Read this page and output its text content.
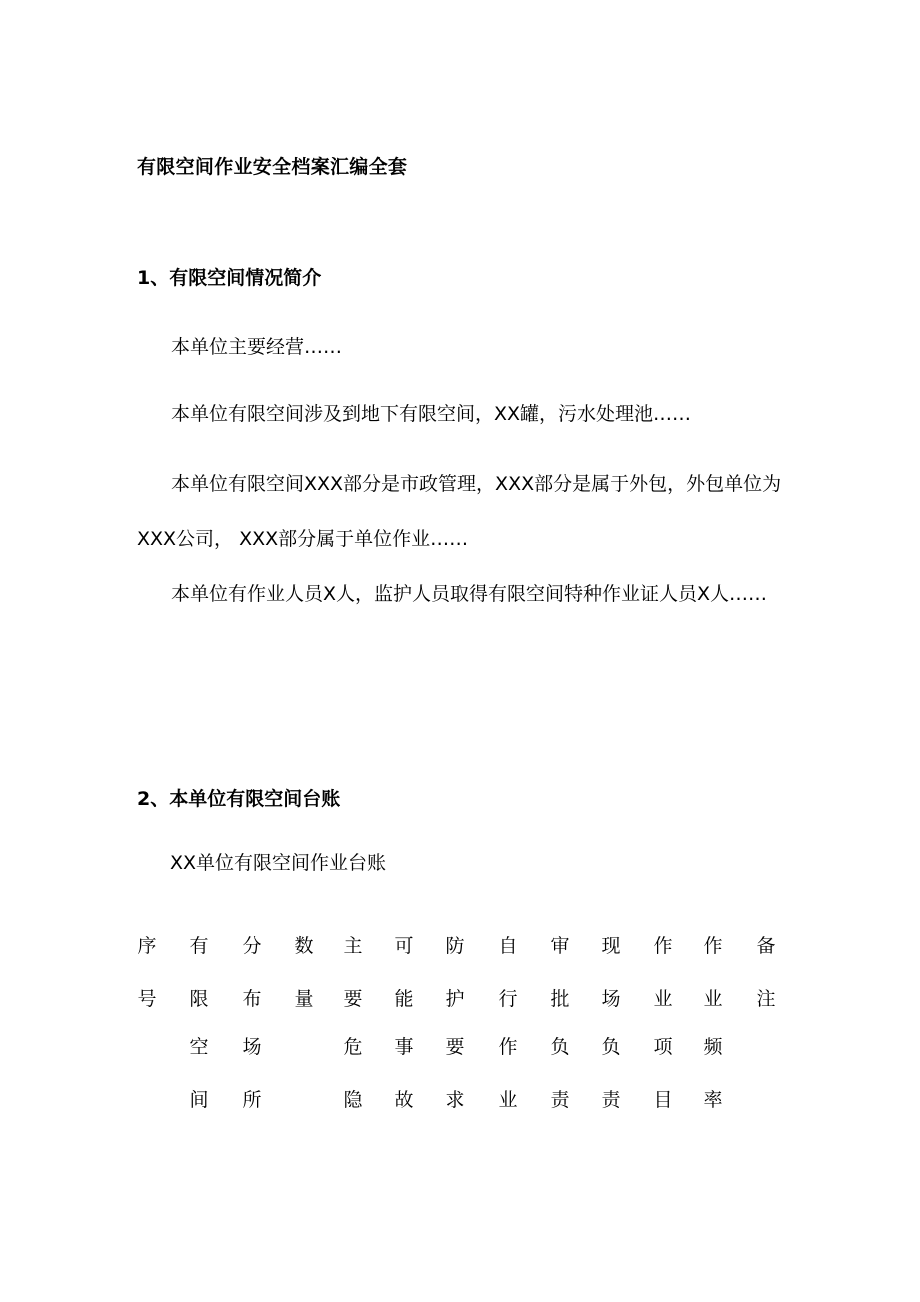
有限空间作业安全档案汇编全套
1、有限空间情况简介

本单位主要经营……

本单位有限空间涉及到地下有限空间，XX罐，污水处理池……

本单位有限空间XXX部分是市政管理，XXX部分是属于外包，外包单位为XXX公司， XXX部分属于单位作业……

本单位有作业人员X人，监护人员取得有限空间特种作业证人员X人……

2、本单位有限空间台账
XX单位有限空间作业台账
序
号
有
限
空
间
分
布
场
所
数
量
主
要
危
隐
可
能
事
故
防
护
要
求
自
行
作
业
审
批
负
责
现
场
负
责
作
业
项
目
作
业
频
率
备
注
